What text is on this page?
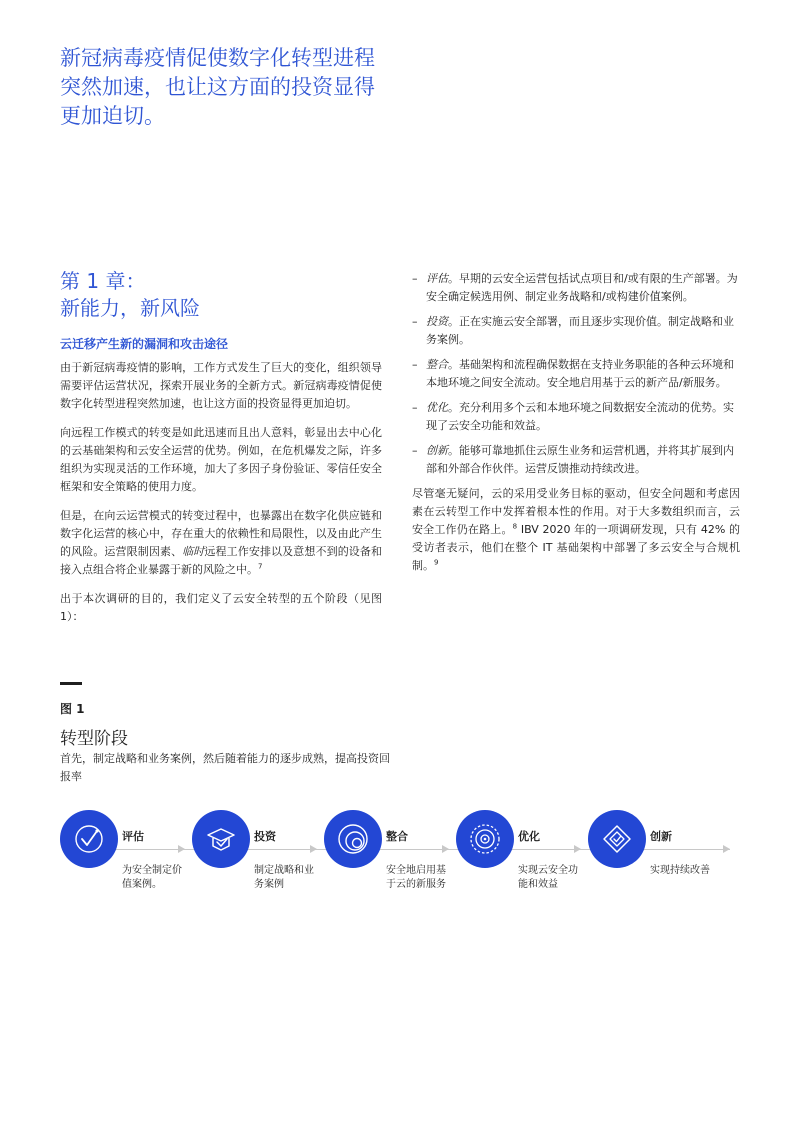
新冠病毒疫情促使数字化转型进程突然加速，也让这方面的投资显得更加迫切。
第 1 章：
新能力，新风险
云迁移产生新的漏洞和攻击途径

由于新冠病毒疫情的影响，工作方式发生了巨大的变化，组织领导需要评估运营状况，探索开展业务的全新方式。新冠病毒疫情促使数字化转型进程突然加速，也让这方面的投资显得更加迫切。

向远程工作模式的转变是如此迅速而且出人意料，彰显出去中心化的云基础架构和云安全运营的优势。例如，在危机爆发之际，许多组织为实现灵活的工作环境，加大了多因子身份验证、零信任安全框架和安全策略的使用力度。

但是，在向云运营模式的转变过程中，也暴露出在数字化供应链和数字化运营的核心中，存在重大的依赖性和局限性，以及由此产生的风险。运营限制因素、临时远程工作安排以及意想不到的设备和接入点组合将企业暴露于新的风险之中。$^7$

出于本次调研的目的，我们定义了云安全转型的五个阶段（见图 1）：

– 评估。早期的云安全运营包括试点项目和/或有限的生产部署。为安全确定候选用例、制定业务战略和/或构建价值案例。
– 投资。正在实施云安全部署，而且逐步实现价值。制定战略和业务案例。
– 整合。基础架构和流程确保数据在支持业务职能的各种云环境和本地环境之间安全流动。安全地启用基于云的新产品/新服务。
– 优化。充分利用多个云和本地环境之间数据安全流动的优势。实现了云安全功能和效益。
– 创新。能够可靠地抓住云原生业务和运营机遇，并将其扩展到内部和外部合作伙伴。运营反馈推动持续改进。

尽管毫无疑问，云的采用受业务目标的驱动，但安全问题和考虑因素在云转型工作中发挥着根本性的作用。对于大多数组织而言，云安全工作仍在路上。$^8$ IBV 2020 年的一项调研发现，只有 42% 的受访者表示，他们在整个 IT 基础架构中部署了多云安全与合规机制。$^9$

图 1

转型阶段

首先，制定战略和业务案例，然后随着能力的逐步成熟，提高投资回报率

评估
为安全制定价值案例。
投资
制定战略和业务案例
整合
安全地启用基于云的新服务
优化
实现云安全功能和效益
创新
实现持续改善
